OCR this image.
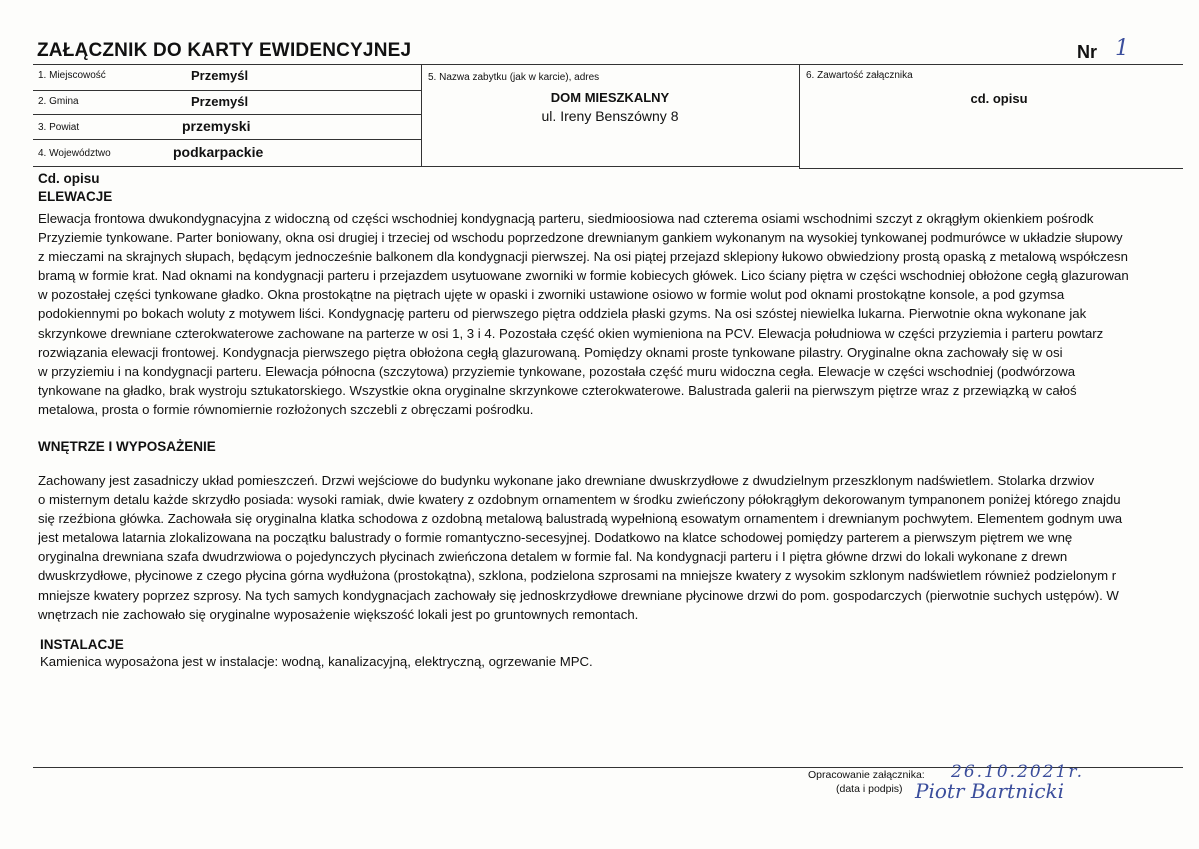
ZAŁĄCZNIK DO KARTY EWIDENCYJNEJ	Nr 1
1. Miejscowość	Przemyśl
2. Gmina	Przemyśl
3. Powiat	przemyski
4. Województwo	podkarpackie
5. Nazwa zabytku (jak w karcie), adres
DOM MIESZKALNY
ul. Ireny Benszówny 8
6. Zawartość załącznika
cd. opisu
Cd. opisu
ELEWACJE
Elewacja frontowa dwukondygnacyjna z widoczną od części wschodniej kondygnacją parteru, siedmioosiowa nad czterema osiami wschodnimi szczyt z okrągłym okienkiem pośrodk
Przyziemie tynkowane. Parter boniowany, okna osi drugiej i trzeciej od wschodu poprzedzone drewnianym gankiem wykonanym na wysokiej tynkowanej podmurówce w układzie słupowy
z mieczami na skrajnych słupach, będącym jednocześnie balkonem dla kondygnacji pierwszej. Na osi piątej przejazd sklepiony łukowo obwiedziony prostą opaską z metalową współczesn
bramą w formie krat. Nad oknami na kondygnacji parteru i przejazdem usytuowane zworniki w formie kobiecych główek. Lico ściany piętra w części wschodniej obłożone cegłą glazurowan
w pozostałej części tynkowane gładko. Okna prostokątne na piętrach ujęte w opaski i zworniki ustawione osiowo w formie wolut pod oknami prostokątne konsole, a pod gzymsa
podokiennymi po bokach woluty z motywem liści. Kondygnację parteru od pierwszego piętra oddziela płaski gzyms. Na osi szóstej niewielka lukarna. Pierwotnie okna wykonane jak
skrzynkowe drewniane czterokwaterowe zachowane na parterze w osi 1, 3 i 4. Pozostała część okien wymieniona na PCV. Elewacja południowa w części przyziemia i parteru powtarz
rozwiązania elewacji frontowej. Kondygnacja pierwszego piętra obłożona cegłą glazurowaną. Pomiędzy oknami proste tynkowane pilastry. Oryginalne okna zachowały się w osi
w przyziemiu i na kondygnacji parteru. Elewacja północna (szczytowa) przyziemie tynkowane, pozostała część muru widoczna cegła. Elewacje w części wschodniej (podwórzowa
tynkowane na gładko, brak wystroju sztukatorskiego. Wszystkie okna oryginalne skrzynkowe czterokwaterowe. Balustrada galerii na pierwszym piętrze wraz z przewiązką w całoś
metalowa, prosta o formie równomiernie rozłożonych szczebli z obręczami pośrodku.
WNĘTRZE I WYPOSAŻENIE
Zachowany jest zasadniczy układ pomieszczeń. Drzwi wejściowe do budynku wykonane jako drewniane dwuskrzydłowe z dwudzielnym przeszklonym nadświetlem. Stolarka drzwiov
o misternym detalu każde skrzydło posiada: wysoki ramiak, dwie kwatery z ozdobnym ornamentem w środku zwieńczony półokrągłym dekorowanym tympanonem poniżej którego znajdu
się rzeźbiona główka. Zachowała się oryginalna klatka schodowa z ozdobną metalową balustradą wypełnioną esowatym ornamentem i drewnianym pochwytem. Elementem godnym uwa
jest metalowa latarnia zlokalizowana na początku balustrady o formie romantyczno-secesyjnej. Dodatkowo na klatce schodowej pomiędzy parterem a pierwszym piętrem we wnę
oryginalna drewniana szafa dwudrzwiowa o pojedynczych płycinach zwieńczona detalem w formie fal. Na kondygnacji parteru i I piętra główne drzwi do lokali wykonane z drewn
dwuskrzydłowe, płycinowe z czego płycina górna wydłużona (prostokątna), szklona, podzielona szprosami na mniejsze kwatery z wysokim szklonym nadświetlem również podzielonym r
mniejsze kwatery poprzez szprosy. Na tych samych kondygnacjach zachowały się jednoskrzydłowe drewniane płycinowe drzwi do pom. gospodarczych (pierwotnie suchych ustępów). W
wnętrzach nie zachowało się oryginalne wyposażenie większość lokali jest po gruntownych remontach.
INSTALACJE
Kamienica wyposażona jest w instalacje: wodną, kanalizacyjną, elektryczną, ogrzewanie MPC.
Opracowanie załącznika:
(data i podpis)
26.10.2021r.
Piotr Bartnicki
